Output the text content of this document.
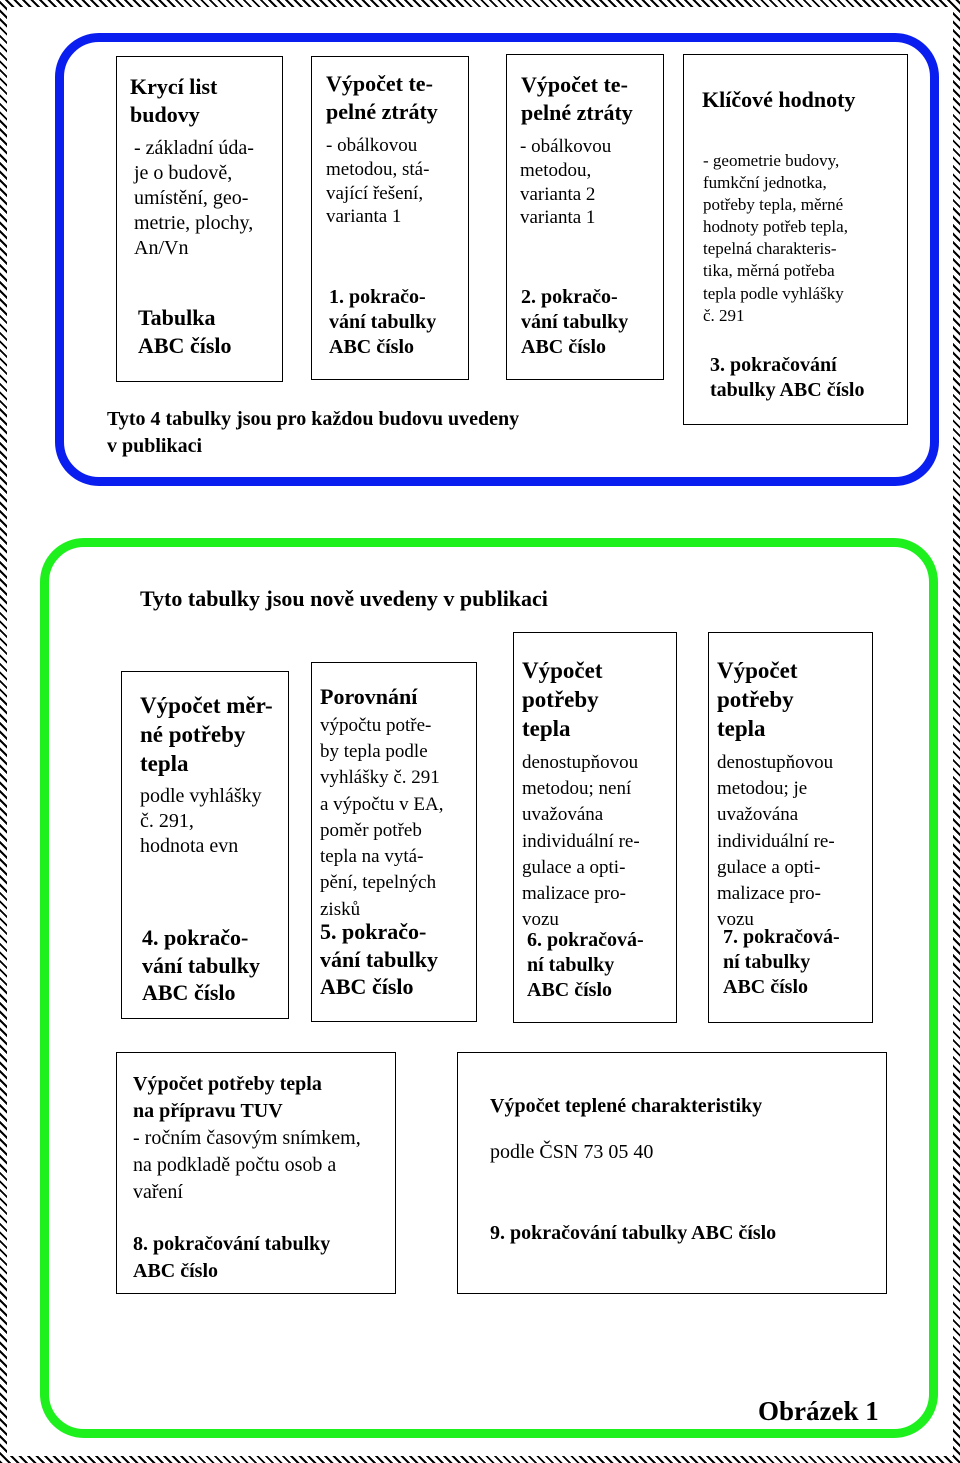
Krycí list
budovy
- základní úda-
je o budově,
umístění, geo-
metrie, plochy,
An/Vn
Tabulka
ABC číslo
Výpočet te-
pelné ztráty
- obálkovou
metodou, stá-
vající řešení,
varianta 1
1. pokračo-
vání tabulky
ABC číslo
Výpočet te-
pelné ztráty
- obálkovou
metodou,
varianta 2
varianta 1
2. pokračo-
vání tabulky
ABC číslo
Klíčové hodnoty
- geometrie budovy,
fumkční jednotka,
potřeby tepla, měrné
hodnoty potřeb tepla,
tepelná charakteris-
tika, měrná potřeba
tepla podle vyhlášky
č. 291
3. pokračování
tabulky ABC číslo
Tyto 4 tabulky jsou pro každou budovu uvedeny
v publikaci
Tyto tabulky jsou nově uvedeny v publikaci
Výpočet měr-
né potřeby
tepla
podle vyhlášky
č. 291,
hodnota evn
4. pokračo-
vání tabulky
ABC číslo
Porovnání
výpočtu potře-
by tepla podle
vyhlášky č. 291
a výpočtu v EA,
poměr potřeb
tepla na vytá-
pění, tepelných
zisků
5. pokračo-
vání tabulky
ABC číslo
Výpočet
potřeby
tepla
denostupňovou
metodou; není
uvažována
individuální re-
gulace a opti-
malizace pro-
vozu
6. pokračová-
ní tabulky
ABC číslo
Výpočet
potřeby
tepla
denostupňovou
metodou; je
uvažována
individuální re-
gulace a opti-
malizace pro-
vozu
7. pokračová-
ní tabulky
ABC číslo
Výpočet potřeby tepla
na přípravu TUV
- ročním časovým snímkem,
na podkladě počtu osob a
vaření
8. pokračování tabulky
ABC číslo
Výpočet teplené charakteristiky
podle ČSN 73 05 40
9. pokračování tabulky ABC číslo
Obrázek 1
